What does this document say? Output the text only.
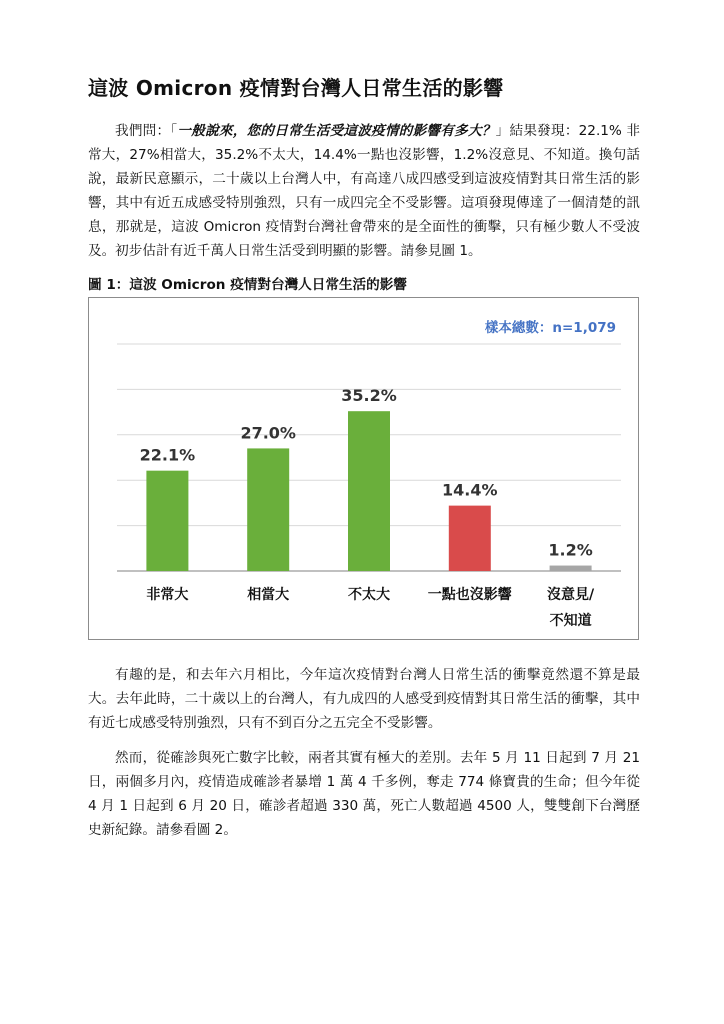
這波 Omicron 疫情對台灣人日常生活的影響

我們問：「一般說來，您的日常生活受這波疫情的影響有多大？」結果發現：22.1% 非常大，27%相當大，35.2%不太大，14.4%一點也沒影響，1.2%沒意見、不知道。換句話說，最新民意顯示，二十歲以上台灣人中，有高達八成四感受到這波疫情對其日常生活的影響，其中有近五成感受特別強烈，只有一成四完全不受影響。這項發現傳達了一個清楚的訊息，那就是，這波 Omicron 疫情對台灣社會帶來的是全面性的衝擊，只有極少數人不受波及。初步估計有近千萬人日常生活受到明顯的影響。請參見圖 1。

圖 1：這波 Omicron 疫情對台灣人日常生活的影響
樣本總數：n=1,079
22.1%
非常大
27.0%
相當大
35.2%
不太大
14.4%
一點也沒影響
1.2%
沒意見/
不知道

有趣的是，和去年六月相比，今年這次疫情對台灣人日常生活的衝擊竟然還不算是最大。去年此時，二十歲以上的台灣人，有九成四的人感受到疫情對其日常生活的衝擊，其中有近七成感受特別強烈，只有不到百分之五完全不受影響。

然而，從確診與死亡數字比較，兩者其實有極大的差別。去年 5 月 11 日起到 7 月 21 日，兩個多月內，疫情造成確診者暴增 1 萬 4 千多例，奪走 774 條寶貴的生命；但今年從 4 月 1 日起到 6 月 20 日，確診者超過 330 萬，死亡人數超過 4500 人，雙雙創下台灣歷史新紀錄。請參看圖 2。
